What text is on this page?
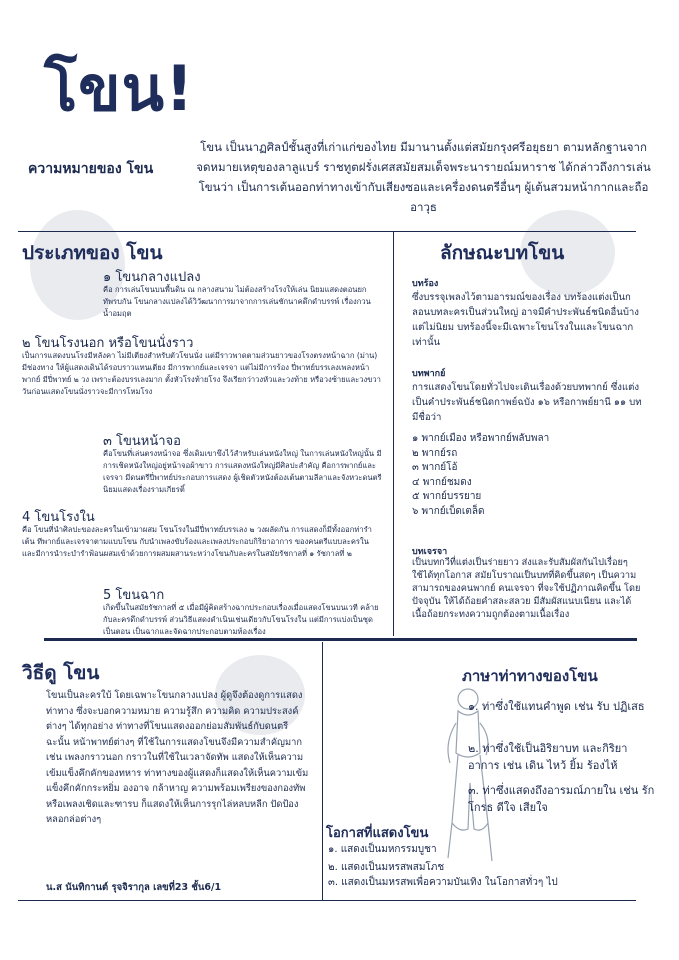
โขน!
ความหมายของ โขน
โขน เป็นนาฏศิลป์ชั้นสูงที่เก่าแก่ของไทย มีมานานตั้งแต่สมัยกรุงศรีอยุธยา ตามหลักฐานจากจดหมายเหตุของลาลูแบร์ ราชทูตฝรั่งเศสสมัยสมเด็จพระนารายณ์มหาราช ได้กล่าวถึงการเล่นโขนว่า เป็นการเต้นออกท่าทางเข้ากับเสียงซอและเครื่องดนตรีอื่นๆ ผู้เต้นสวมหน้ากากและถืออาวุธ
ประเภทของ โขน
๑ โขนกลางแปลง
คือ การเล่นโขนบนพื้นดิน ณ กลางสนาม ไม่ต้องสร้างโรงให้เล่น นิยมแสดงตอนยกทัพรบกัน โขนกลางแปลงได้วิวัฒนาการมาจากการเล่นชักนาคดึกดำบรรพ์ เรื่องกวนน้ำอมฤต
๒ โขนโรงนอก หรือโขนนั่งราว
เป็นการแสดงบนโรงมีหลังคา ไม่มีเตียงสำหรับตัวโขนนั่ง แต่มีราวพาดตามส่วนยาวของโรงตรงหน้าฉาก (ม่าน) มีช่องทาง ให้ผู้แสดงเดินได้รอบราวแทนเตียง มีการพากย์และเจรจา แต่ไม่มีการร้อง ปี่พาทย์บรรเลงเพลงหน้าพากย์ มีปี่พาทย์ ๒ วง เพราะต้องบรรเลงมาก ตั้งหัวโรงท้ายโรง จึงเรียกว่าวงหัวและวงท้าย หรือวงซ้ายและวงขวา วันก่อนแสดงโขนนั่งราวจะมีการโหมโรง
๓ โขนหน้าจอ
คือโขนที่เล่นตรงหน้าจอ ซึ่งเดิมเขาขึงไว้สำหรับเล่นหนังใหญ่ ในการเล่นหนังใหญ่นั้น มีการเชิดหนังใหญ่อยู่หน้าจอผ้าขาว การแสดงหนังใหญ่มีศิลปะสำคัญ คือการพากย์และเจรจา มีดนตรีปี่พาทย์ประกอบการแสดง ผู้เชิดตัวหนังต้องเต้นตามลีลาและจังหวะดนตรี นิยมแสดงเรื่องรามเกียรติ์
4 โขนโรงใน
คือ โขนที่นำศิลปะของละครในเข้ามาผสม โขนโรงในมีปี่พาทย์บรรเลง ๒ วงผลัดกัน การแสดงก็มีทั้งออกท่ารำเต้น ทีพากย์และเจรจาตามแบบโขน กับนำเพลงขับร้องและเพลงประกอบกิริยาอาการ ของคนตรีแบบละครใน และมีการนำระบำรำฟ้อนผสมเข้าด้วยการผสมผสานระหว่างโขนกับละครในสมัยรัชกาลที่ ๑ รัชกาลที่ ๒
5 โขนฉาก
เกิดขึ้นในสมัยรัชกาลที่ ๕ เมื่อมีผู้คิดสร้างฉากประกอบเรื่องเมื่อแสดงโขนบนเวที คล้ายกับละครดึกดำบรรพ์ ส่วนวิธีแสดงดำเนินเช่นเดียวกับโขนโรงใน แต่มีการแบ่งเป็นชุดเป็นตอน เป็นฉากและจัดฉากประกอบตามท้องเรื่อง
ลักษณะบทโขน
บทร้อง
ซึ่งบรรจุเพลงไว้ตามอารมณ์ของเรื่อง บทร้องแต่งเป็นกลอนบทละครเป็นส่วนใหญ่ อาจมีคำประพันธ์ชนิดอื่นบ้างแต่ไม่นิยม บทร้องนี้จะมีเฉพาะโขนโรงในและโขนฉากเท่านั้น
บทพากย์
การแสดงโขนโดยทั่วไปจะเดินเรื่องด้วยบทพากย์ ซึ่งแต่งเป็นคำประพันธ์ชนิดกาพย์ฉบัง ๑๖ หรือกาพย์ยานี ๑๑ บท มีชื่อว่า
๑ พากย์เมือง หรือพากย์พลับพลา
๒ พากย์รถ
๓ พากย์โอ้
๔ พากย์ชมดง
๕ พากย์บรรยาย
๖ พากย์เบ็ดเตล็ด
บทเจรจา
เป็นบทกวีที่แต่งเป็นร่ายยาว ส่งและรับสัมผัสกันไปเรื่อยๆ ใช้ได้ทุกโอกาส สมัยโบราณเป็นบทที่คิดขึ้นสดๆ เป็นความสามารถของคนพากย์ คนเจรจา ที่จะใช้ปฏิภาณคิดขึ้น โดยปัจจุบัน ให้ได้ถ้อยคำสละสลวย มีสัมผัสแนบเนียน และได้เนื้อถ้อยกระทงความถูกต้องตามเนื้อเรื่อง
วิธีดู โขน
โขนเป็นละครใบ้ โดยเฉพาะโขนกลางแปลง ผู้ดูจึงต้องดูการแสดงท่าทาง ซึ่งจะบอกความหมาย ความรู้สึก ความคิด ความประสงค์ต่างๆ ได้ทุกอย่าง ท่าทางที่โขนแสดงออกย่อมสัมพันธ์กับดนตรี ฉะนั้น หน้าพาทย์ต่างๆ ที่ใช้ในการแสดงโขนจึงมีความสำคัญมาก เช่น เพลงกราวนอก กราวในที่ใช้ในเวลาจัดทัพ แสดงให้เห็นความเข้มแข็งคึกคักของทหาร ท่าทางของผู้แสดงก็แสดงให้เห็นความเข้มแข็งคึกคักกระหยิ่ม องอาจ กล้าหาญ ความพร้อมเพรียงของกองทัพ หรือเพลงเชิดและฑารบ ก็แสดงให้เห็นการรุกไล่หลบหลีก ปัดป้อง หลอกล่อต่างๆ
น.ส นันทิกานต์ รุจจิรากุล เลขที่23 ชั้น6/1
ภาษาท่าทางของโขน
๑. ท่าซึ่งใช้แทนคำพูด เช่น รับ ปฏิเสธ
๒. ท่าซึ่งใช้เป็นอิริยาบท และกิริยาอาการ เช่น เดิน ไหว้ ยิ้ม ร้องไห้
๓. ท่าซึ่งแสดงถึงอารมณ์ภายใน เช่น รัก โกรธ ดีใจ เสียใจ
โอกาสที่แสดงโขน
๑. แสดงเป็นมหกรรมบูชา
๒. แสดงเป็นมหรสพสมโภช
๓. แสดงเป็นมหรสพเพื่อความบันเทิง ในโอกาสทั่วๆ ไป
